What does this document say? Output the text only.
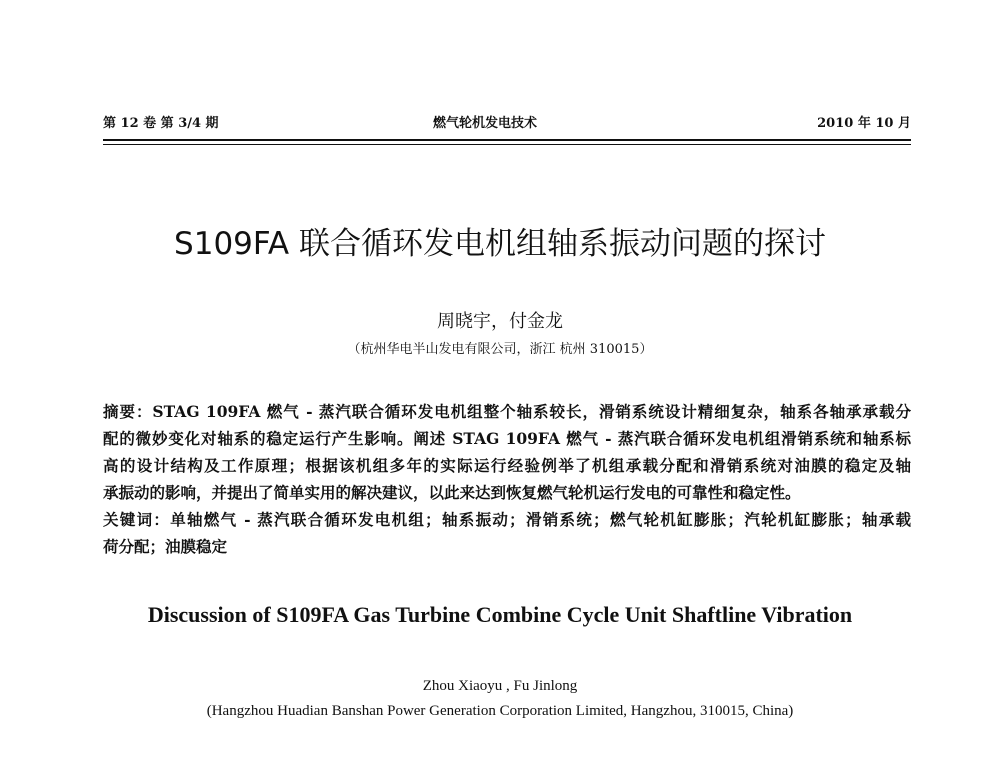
第 12 卷 第 3/4 期	燃气轮机发电技术	2010 年 10 月
S109FA 联合循环发电机组轴系振动问题的探讨
周晓宇，付金龙
（杭州华电半山发电有限公司，浙江 杭州 310015）
摘要：STAG 109FA 燃气 - 蒸汽联合循环发电机组整个轴系较长，滑销系统设计精细复杂，轴系各轴承承载分
配的微妙变化对轴系的稳定运行产生影响。阐述 STAG 109FA 燃气 - 蒸汽联合循环发电机组滑销系统和轴系标
高的设计结构及工作原理；根据该机组多年的实际运行经验例举了机组承载分配和滑销系统对油膜的稳定及轴
承振动的影响，并提出了简单实用的解决建议，以此来达到恢复燃气轮机运行发电的可靠性和稳定性。
关键词：单轴燃气 - 蒸汽联合循环发电机组；轴系振动；滑销系统；燃气轮机缸膨胀；汽轮机缸膨胀；轴承载
荷分配；油膜稳定
Discussion of S109FA Gas Turbine Combine Cycle Unit Shaftline Vibration
Zhou Xiaoyu , Fu Jinlong
(Hangzhou Huadian Banshan Power Generation Corporation Limited, Hangzhou, 310015, China)
